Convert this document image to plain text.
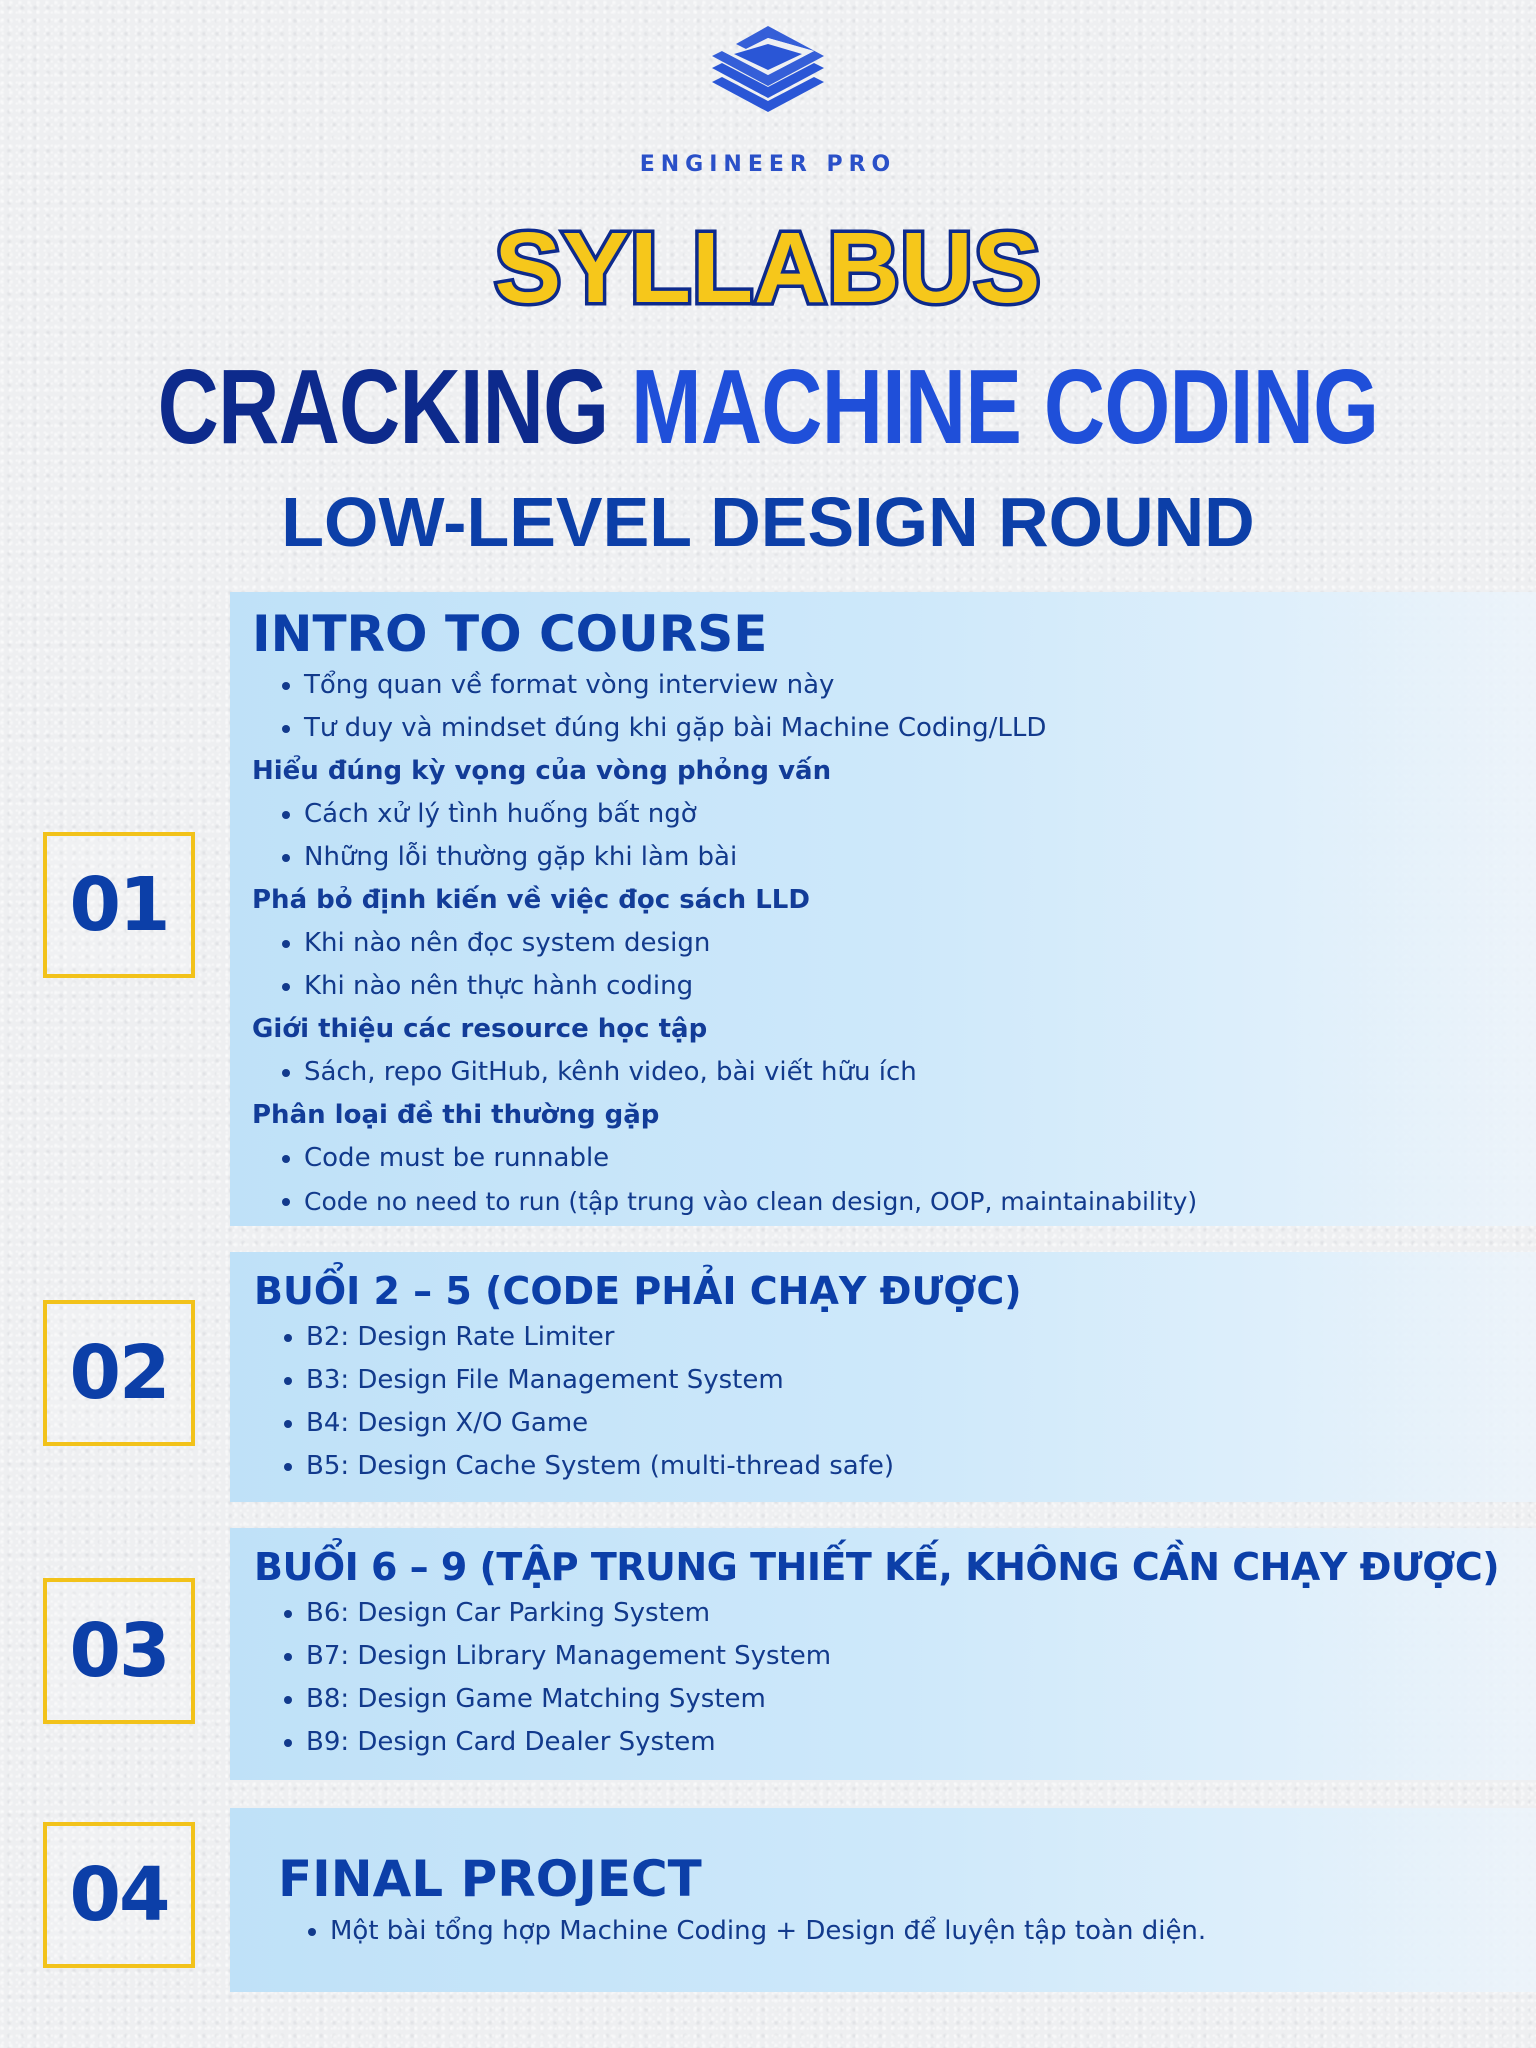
ENGINEER PRO

SYLLABUS

CRACKING MACHINE CODING

LOW-LEVEL DESIGN ROUND

01

INTRO TO COURSE

Tổng quan về format vòng interview này
Tư duy và mindset đúng khi gặp bài Machine Coding/LLD

Hiểu đúng kỳ vọng của vòng phỏng vấn

Cách xử lý tình huống bất ngờ
Những lỗi thường gặp khi làm bài

Phá bỏ định kiến về việc đọc sách LLD

Khi nào nên đọc system design
Khi nào nên thực hành coding

Giới thiệu các resource học tập

Sách, repo GitHub, kênh video, bài viết hữu ích

Phân loại đề thi thường gặp

Code must be runnable
Code no need to run (tập trung vào clean design, OOP, maintainability)
02

BUỔI 2 – 5 (CODE PHẢI CHẠY ĐƯỢC)

B2: Design Rate Limiter
B3: Design File Management System
B4: Design X/O Game
B5: Design Cache System (multi-thread safe)
03

BUỔI 6 – 9 (TẬP TRUNG THIẾT KẾ, KHÔNG CẦN CHẠY ĐƯỢC)

B6: Design Car Parking System
B7: Design Library Management System
B8: Design Game Matching System
B9: Design Card Dealer System
04	FINAL PROJECT

Một bài tổng hợp Machine Coding + Design để luyện tập toàn diện.
